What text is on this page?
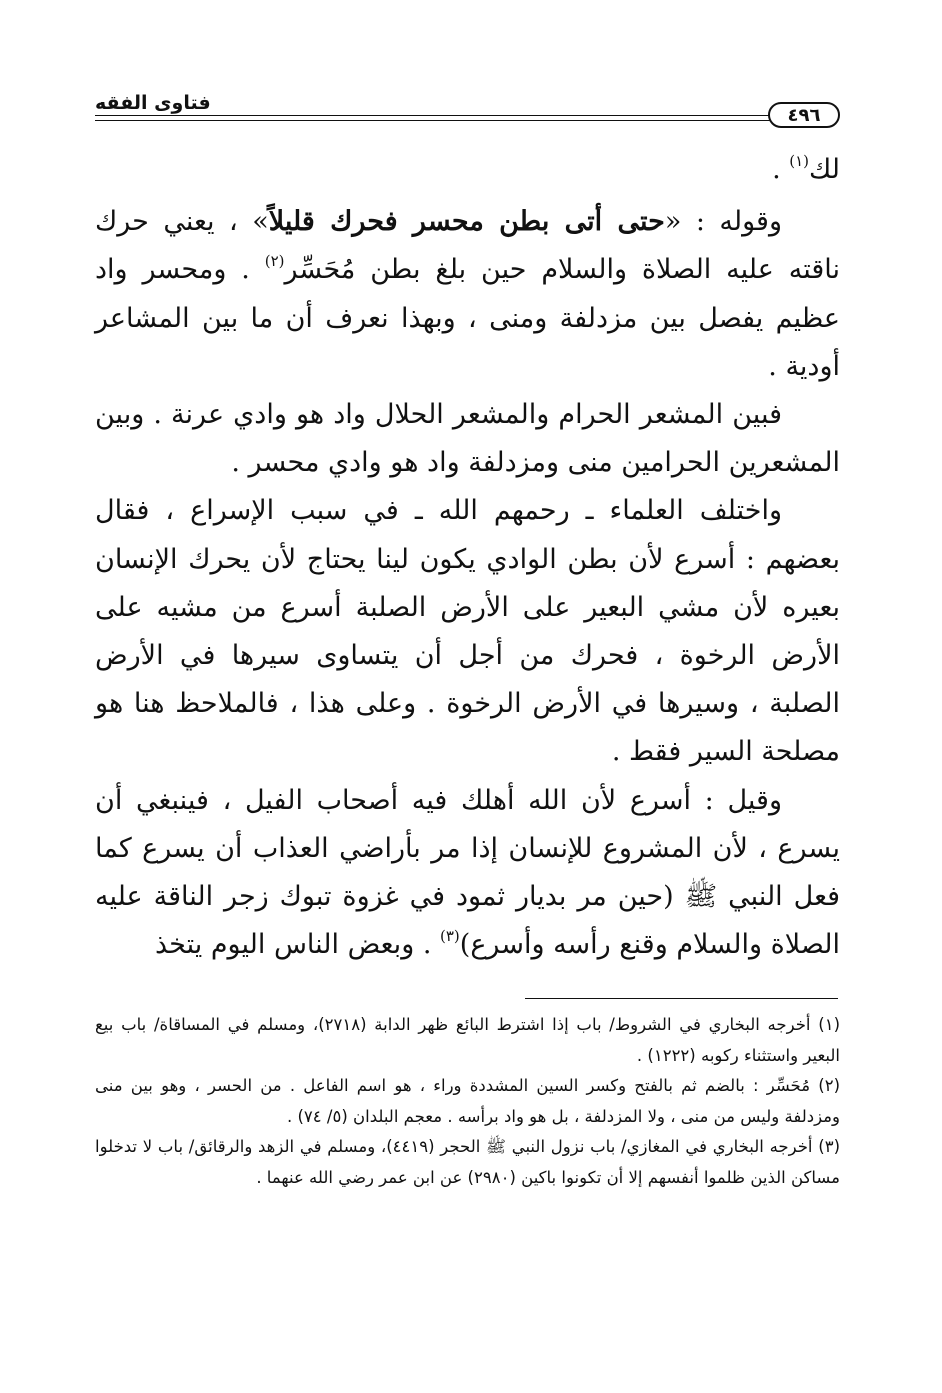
فتاوى الفقه
٤٩٦

لك$^{(١)}$ .

وقوله : «حتى أتى بطن محسر فحرك قليلاً» ، يعني حرك ناقته عليه الصلاة والسلام حين بلغ بطن مُحَسِّر$^{(٢)}$ . ومحسر واد عظيم يفصل بين مزدلفة ومنى ، وبهذا نعرف أن ما بين المشاعر أودية .

فبين المشعر الحرام والمشعر الحلال واد هو وادي عرنة . وبين المشعرين الحرامين منى ومزدلفة واد هو وادي محسر .

واختلف العلماء ـ رحمهم الله ـ في سبب الإسراع ، فقال بعضهم : أسرع لأن بطن الوادي يكون لينا يحتاج لأن يحرك الإنسان بعيره لأن مشي البعير على الأرض الصلبة أسرع من مشيه على الأرض الرخوة ، فحرك من أجل أن يتساوى سيرها في الأرض الصلبة ، وسيرها في الأرض الرخوة . وعلى هذا ، فالملاحظ هنا هو مصلحة السير فقط .

وقيل : أسرع لأن الله أهلك فيه أصحاب الفيل ، فينبغي أن يسرع ، لأن المشروع للإنسان إذا مر بأراضي العذاب أن يسرع كما فعل النبي ﷺ (حين مر بديار ثمود في غزوة تبوك زجر الناقة عليه الصلاة والسلام وقنع رأسه وأسرع)$^{(٣)}$ . وبعض الناس اليوم يتخذ

(١) أخرجه البخاري في الشروط/ باب إذا اشترط البائع ظهر الدابة (٢٧١٨)، ومسلم في المساقاة/ باب بيع البعير واستثناء ركوبه (١٢٢٢) .

(٢) مُحَسِّر : بالضم ثم بالفتح وكسر السين المشددة وراء ، هو اسم الفاعل . من الحسر ، وهو بين منى ومزدلفة وليس من منى ، ولا المزدلفة ، بل هو واد برأسه . معجم البلدان (٥/ ٧٤) .

(٣) أخرجه البخاري في المغازي/ باب نزول النبي ﷺ الحجر (٤٤١٩)، ومسلم في الزهد والرقائق/ باب لا تدخلوا مساكن الذين ظلموا أنفسهم إلا أن تكونوا باكين (٢٩٨٠) عن ابن عمر رضي الله عنهما .
